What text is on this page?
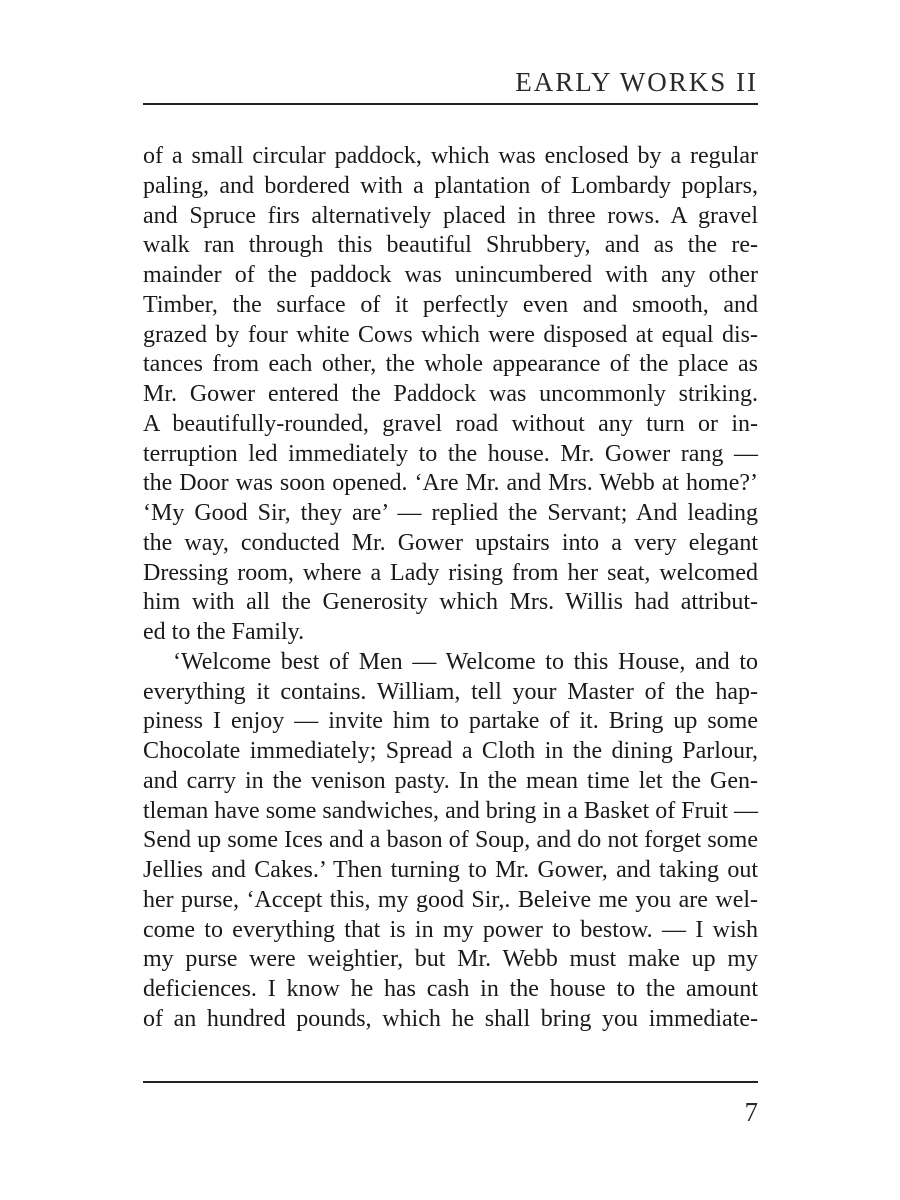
EARLY WORKS II
of a small circular paddock, which was enclosed by a regular
paling, and bordered with a plantation of Lombardy poplars,
and Spruce firs alternatively placed in three rows. A gravel
walk ran through this beautiful Shrubbery, and as the re-
mainder of the paddock was unincumbered with any other
Timber, the surface of it perfectly even and smooth, and
grazed by four white Cows which were disposed at equal dis-
tances from each other, the whole appearance of the place as
Mr. Gower entered the Paddock was uncommonly striking.
A beautifully-rounded, gravel road without any turn or in-
terruption led immediately to the house. Mr. Gower rang —
the Door was soon opened. ‘Are Mr. and Mrs. Webb at home?’
‘My Good Sir, they are’ — replied the Servant; And leading
the way, conducted Mr. Gower upstairs into a very elegant
Dressing room, where a Lady rising from her seat, welcomed
him with all the Generosity which Mrs. Willis had attribut-
ed to the Family.
‘Welcome best of Men — Welcome to this House, and to
everything it contains. William, tell your Master of the hap-
piness I enjoy — invite him to partake of it. Bring up some
Chocolate immediately; Spread a Cloth in the dining Parlour,
and carry in the venison pasty. In the mean time let the Gen-
tleman have some sandwiches, and bring in a Basket of Fruit —
Send up some Ices and a bason of Soup, and do not forget some
Jellies and Cakes.’ Then turning to Mr. Gower, and taking out
her purse, ‘Accept this, my good Sir,. Beleive me you are wel-
come to everything that is in my power to bestow. — I wish
my purse were weightier, but Mr. Webb must make up my
deficiences. I know he has cash in the house to the amount
of an hundred pounds, which he shall bring you immediate-
7
